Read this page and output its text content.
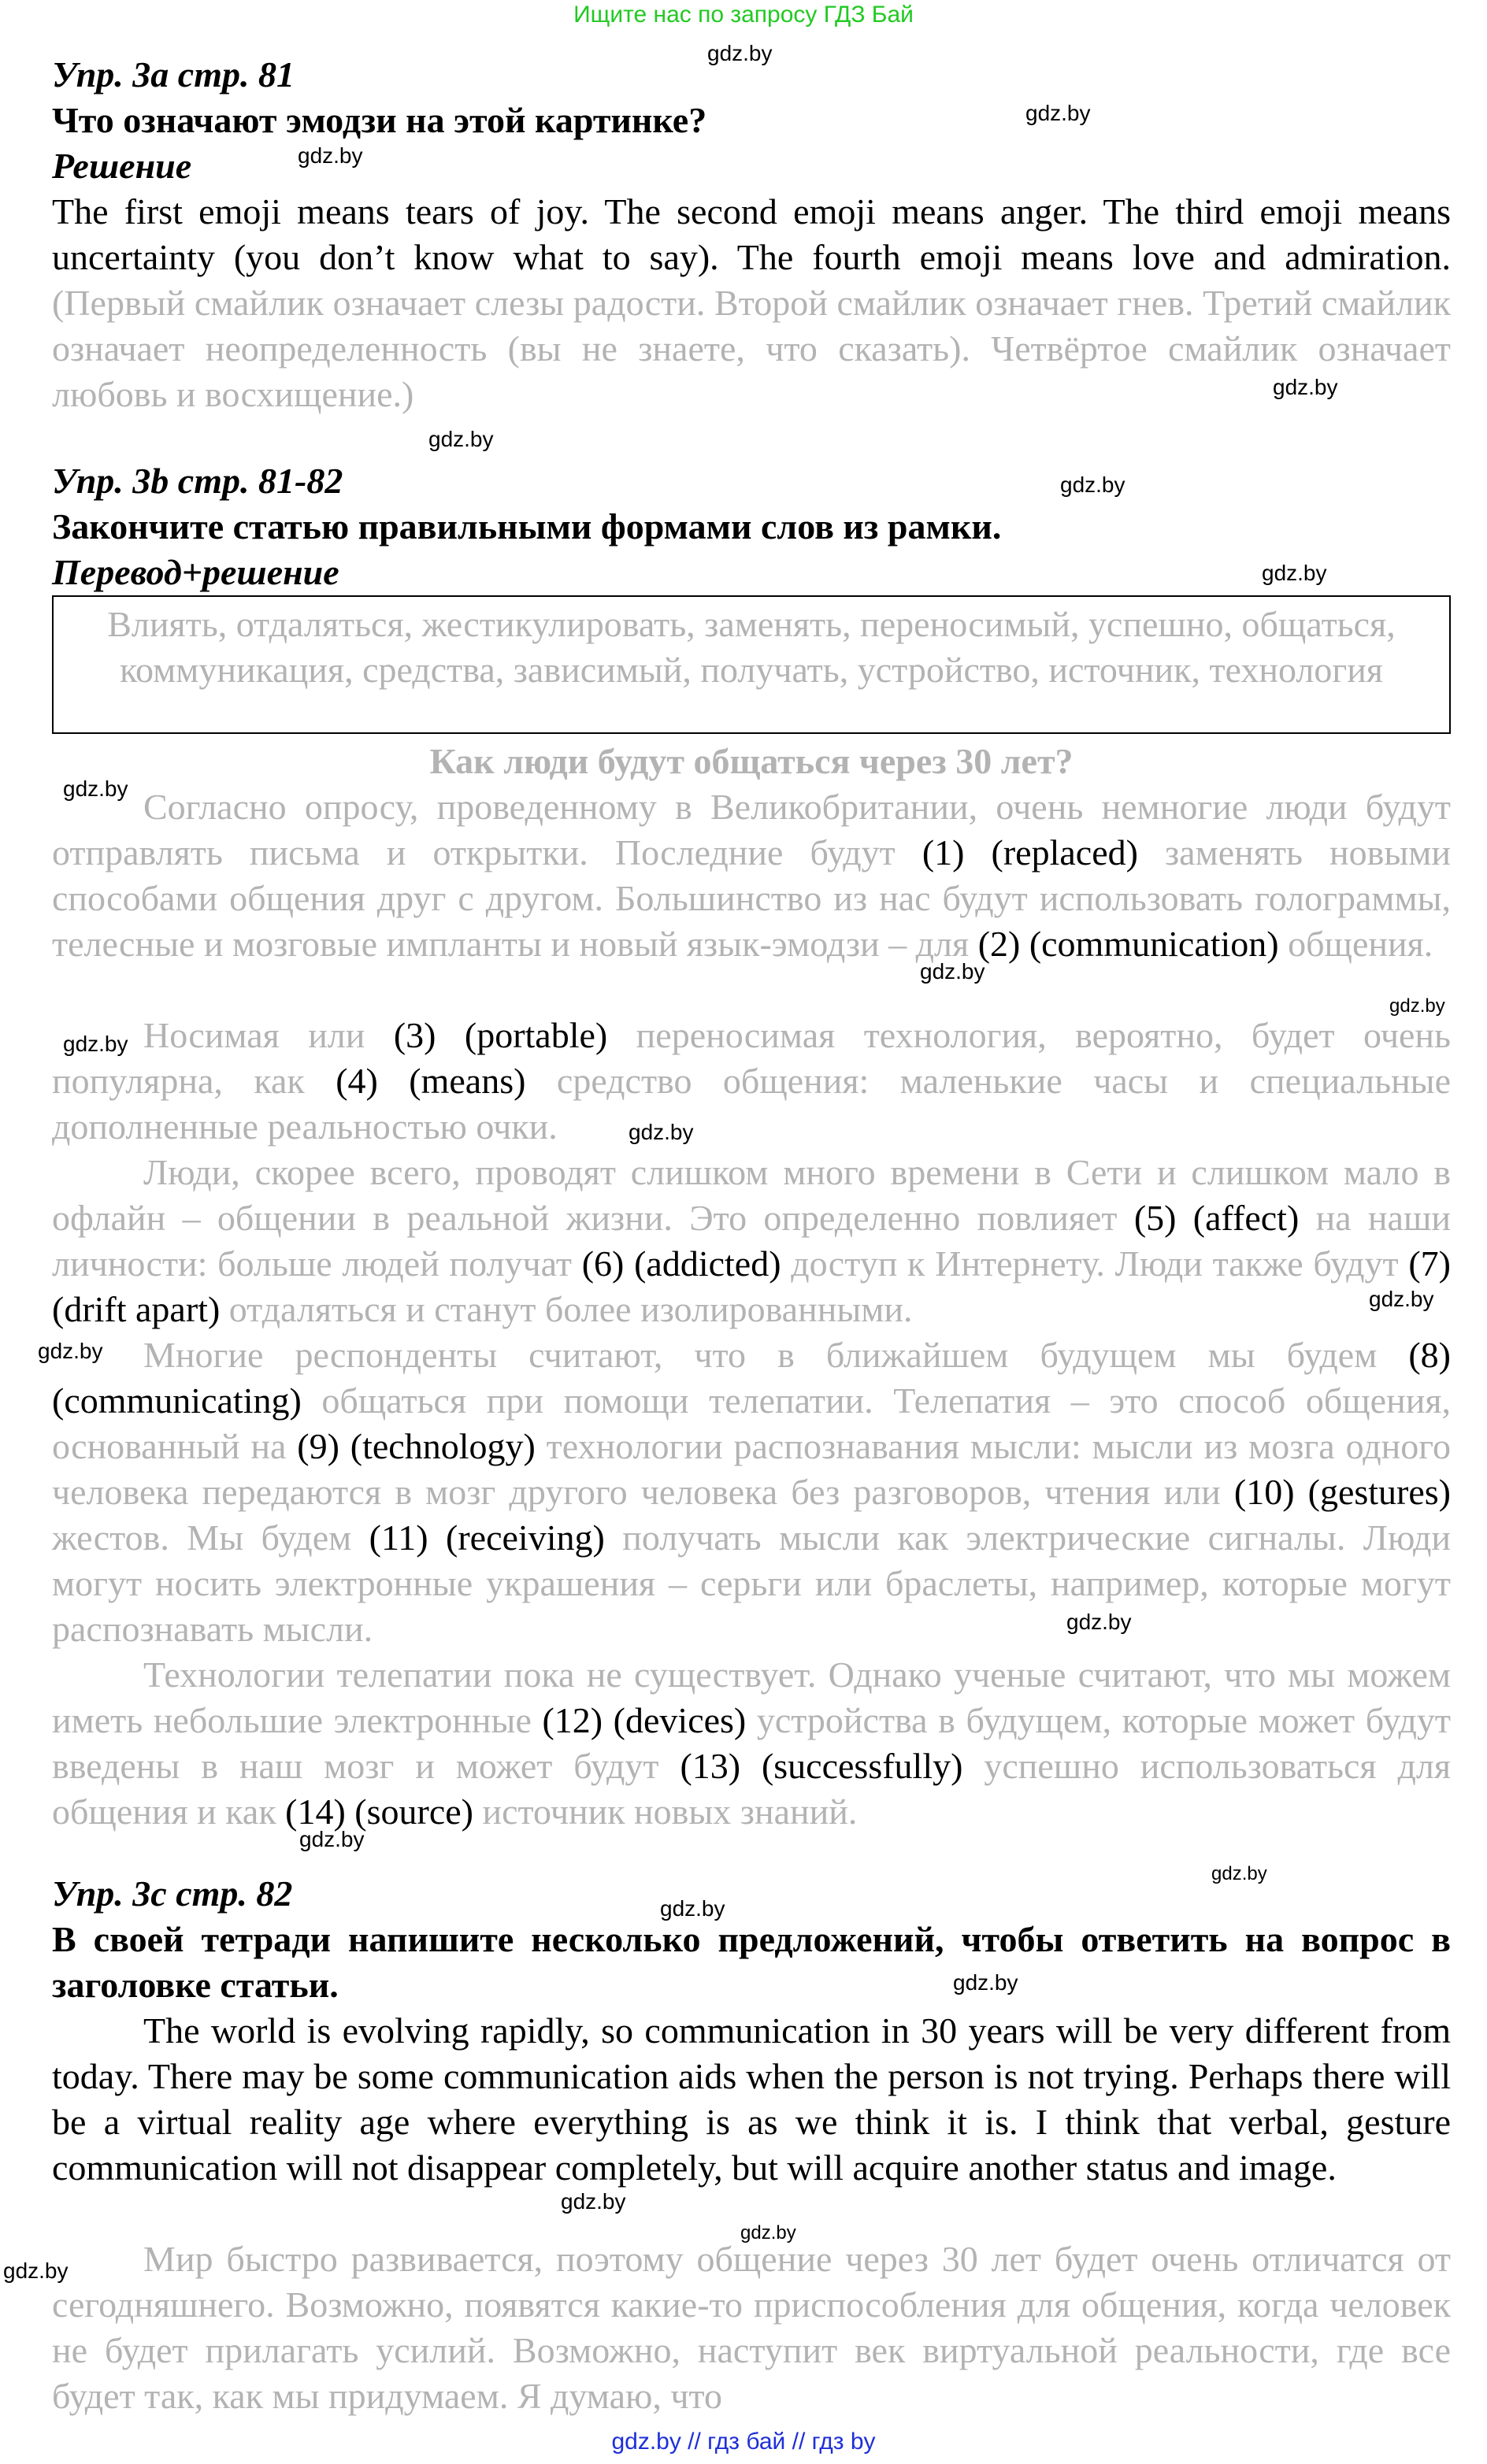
Ищите нас по запросу ГДЗ Бай
Упр. 3a стр. 81
Что означают эмодзи на этой картинке?
Решение
The first emoji means tears of joy. The second emoji means anger. The third emoji means uncertainty (you don’t know what to say). The fourth emoji means love and admiration. (Первый смайлик означает слезы радости. Второй смайлик означает гнев. Третий смайлик означает неопределенность (вы не знаете, что сказать). Четвёртое смайлик означает любовь и восхищение.)
Упр. 3b стр. 81-82
Закончите статью правильными формами слов из рамки.
Перевод+решение
Влиять, отдаляться, жестикулировать, заменять, переносимый, успешно, общаться, коммуникация, средства, зависимый, получать, устройство, источник, технология
Как люди будут общаться через 30 лет?
Согласно опросу, проведенному в Великобритании, очень немногие люди будут отправлять письма и открытки. Последние будут (1) (replaced) заменять новыми способами общения друг с другом. Большинство из нас будут использовать голограммы, телесные и мозговые импланты и новый язык-эмодзи – для (2) (communication) общения.
Носимая или (3) (portable) переносимая технология, вероятно, будет очень популярна, как (4) (means) средство общения: маленькие часы и специальные дополненные реальностью очки.
Люди, скорее всего, проводят слишком много времени в Сети и слишком мало в офлайн – общении в реальной жизни. Это определенно повлияет (5) (affect) на наши личности: больше людей получат (6) (addicted) доступ к Интернету. Люди также будут (7) (drift apart) отдаляться и станут более изолированными.
Многие респонденты считают, что в ближайшем будущем мы будем (8) (communicating) общаться при помощи телепатии. Телепатия – это способ общения, основанный на (9) (technology) технологии распознавания мысли: мысли из мозга одного человека передаются в мозг другого человека без разговоров, чтения или (10) (gestures) жестов. Мы будем (11) (receiving) получать мысли как электрические сигналы. Люди могут носить электронные украшения – серьги или браслеты, например, которые могут распознавать мысли.
Технологии телепатии пока не существует. Однако ученые считают, что мы можем иметь небольшие электронные (12) (devices) устройства в будущем, которые может будут введены в наш мозг и может будут (13) (successfully) успешно использоваться для общения и как (14) (source) источник новых знаний.
Упр. 3c стр. 82
В своей тетради напишите несколько предложений, чтобы ответить на вопрос в заголовке статьи.
The world is evolving rapidly, so communication in 30 years will be very different from today. There may be some communication aids when the person is not trying. Perhaps there will be a virtual reality age where everything is as we think it is. I think that verbal, gesture communication will not disappear completely, but will acquire another status and image.
Мир быстро развивается, поэтому общение через 30 лет будет очень отличатся от сегодняшнего. Возможно, появятся какие-то приспособления для общения, когда человек не будет прилагать усилий. Возможно, наступит век виртуальной реальности, где все будет так, как мы придумаем. Я думаю, что
gdz.by
gdz.by
gdz.by
gdz.by
gdz.by
gdz.by
gdz.by
gdz.by
gdz.by
gdz.by
gdz.by
gdz.by
gdz.by
gdz.by
gdz.by
gdz.by
gdz.by
gdz.by
gdz.by
gdz.by
gdz.by
gdz.by
gdz.by // гдз бай // гдз by
